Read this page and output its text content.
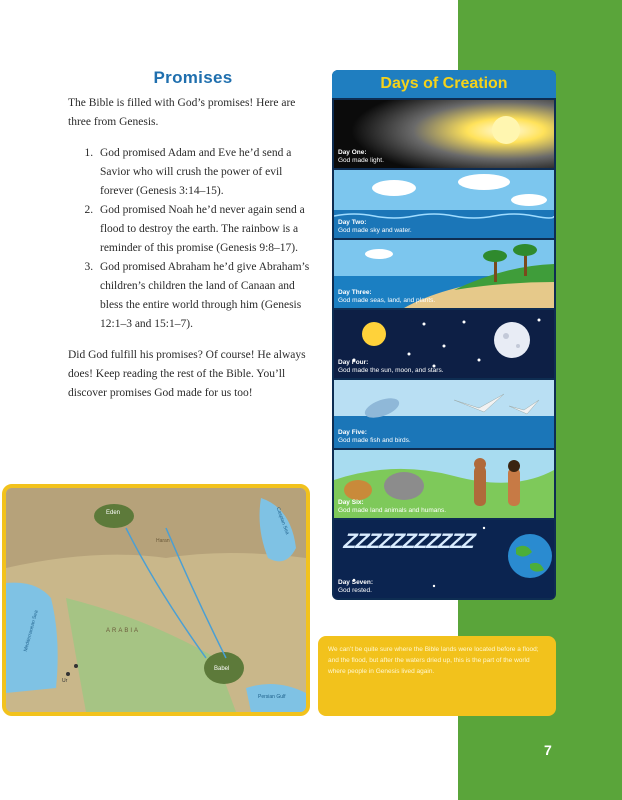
Promises

The Bible is filled with God’s promises! Here are three from Genesis.

1. God promised Adam and Eve he’d send a Savior who will crush the power of evil forever (Genesis 3:14–15).
2. God promised Noah he’d never again send a flood to destroy the earth. The rainbow is a reminder of this promise (Genesis 9:8–17).
3. God promised Abraham he’d give Abraham’s children’s children the land of Canaan and bless the entire world through him (Genesis 12:1–3 and 15:1–7).

Did God fulfill his promises? Of course! He always does! Keep reading the rest of the Bible. You’ll discover promises God made for us too!

Days of Creation
Day One:
God made light.
Day Two:
God made sky and water.
Day Three:
God made seas, land, and plants.
Day Four:
God made the sun, moon, and stars.
Day Five:
God made fish and birds.
Day Six:
God made land animals and humans.
ZZZZZZZZZZZ
Day Seven:
God rested.
Eden
Babel
Caspian Sea
Persian Gulf
Mediterranean Sea	ARABIA
Haran
Ur
We can’t be quite sure where the Bible lands were located before a flood; and the flood, but after the waters dried up, this is the part of the world where people in Genesis lived again.
7
